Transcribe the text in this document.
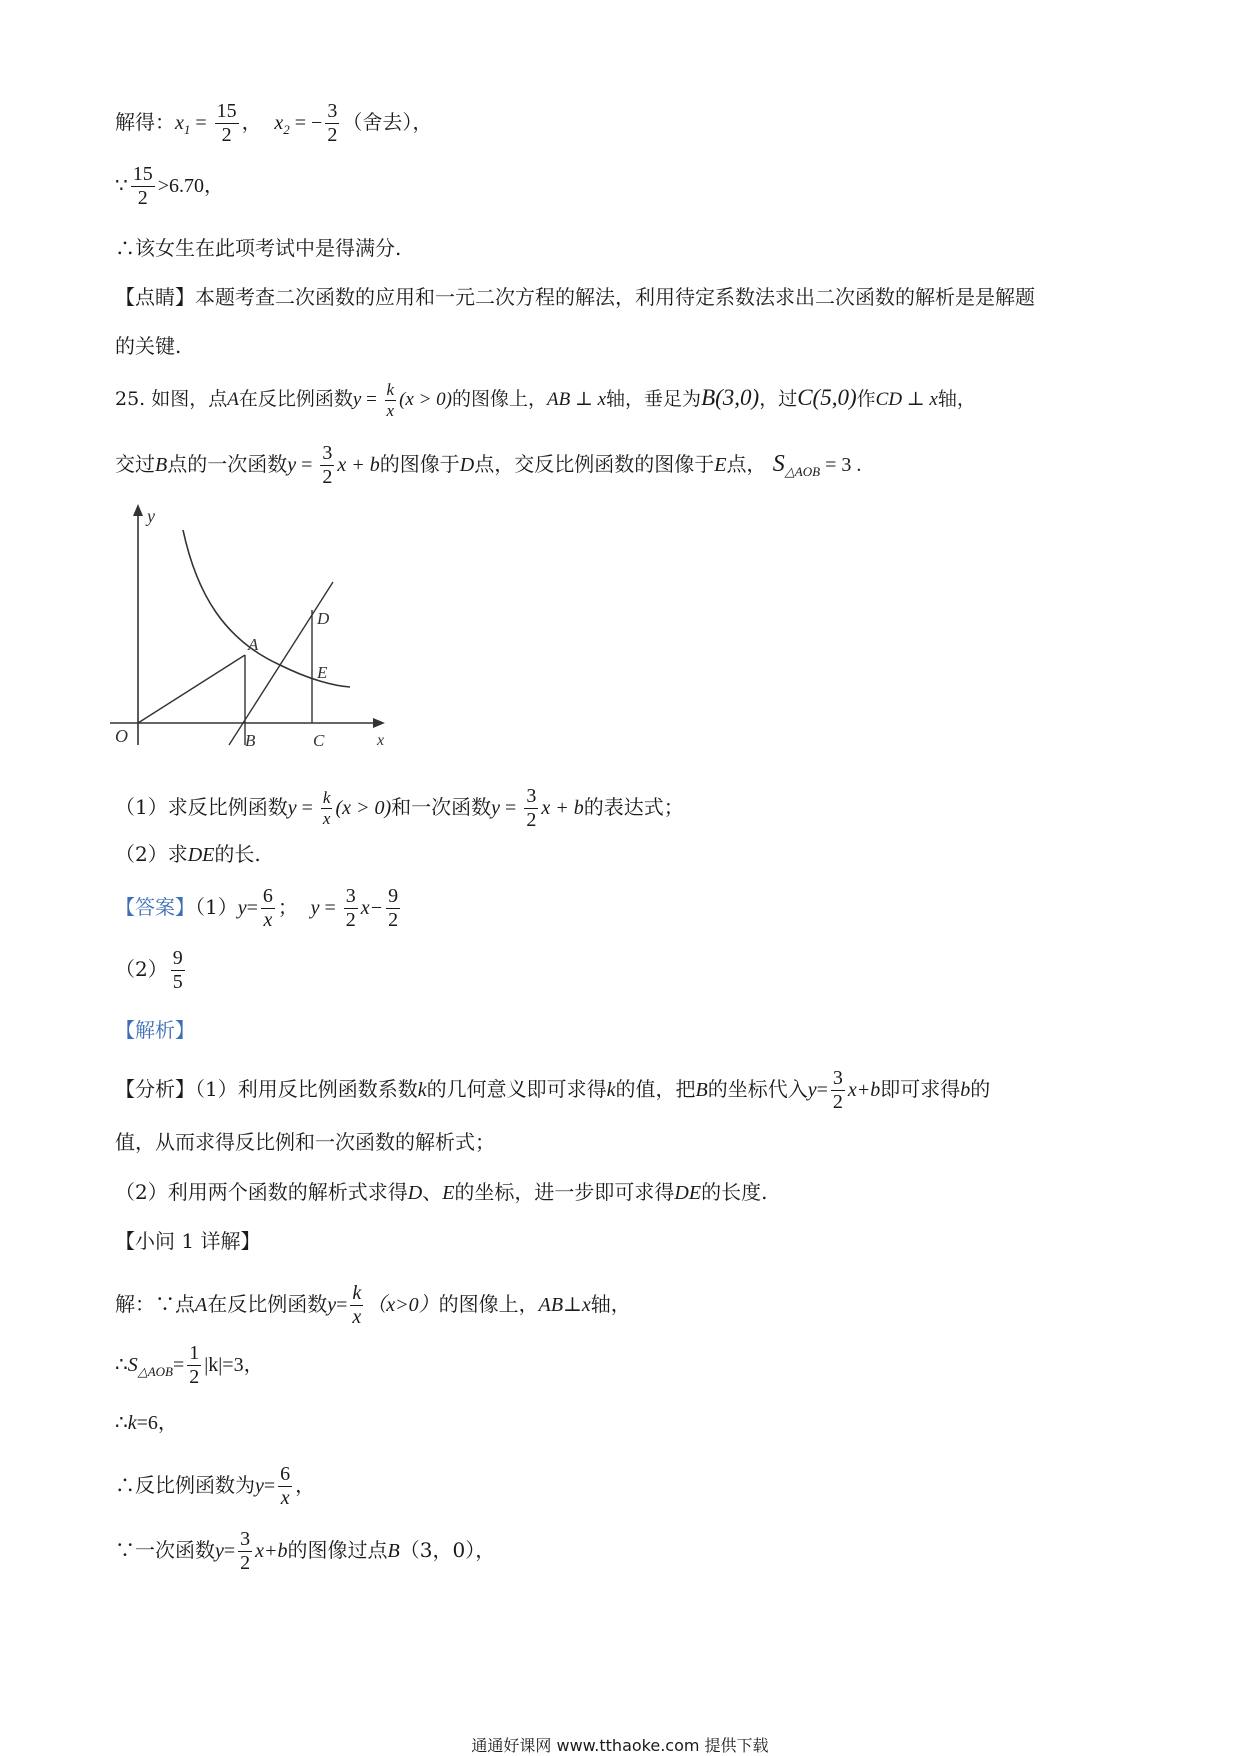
解得：$x_1 = \frac{15}{2}$ ， $x_2$ = − $\frac{3}{2}$ （舍去），
∵ $\frac{15}{2} >6.70$，
∴该女生在此项考试中是得满分.
【点睛】本题考查二次函数的应用和一元二次方程的解法，利用待定系数法求出二次函数的解析是是解题
的关键.
25. 如图，点A在反比例函数$y = \frac{k}{x} (x > 0)$的图像上，AB ⊥ x轴，垂足为B(3,0)，过C(5,0)作CD ⊥ x轴，
交过B点的一次函数$y = \frac{3}{2}$ x + b的图像于D点，交反比例函数的图像于E点， $S_{\triangle AOB} = 3$ .
y
x
O
A
B	C
D
E
（1）求反比例函数$y = \frac{k}{x} (x > 0)$和一次函数$y = \frac{3}{2}$ x + b的表达式；
（2）求DE的长.
【答案】$(1)y= \frac{6}{x}$ ； $y = \frac{3}{2} x- \frac{9}{2}$
$(2) \frac{9}{5}$
【解析】
【分析】（1）利用反比例函数系数k的几何意义即可求得k的值，把B的坐标代入$y= \frac{3}{2} x+b$即可求得b的
值，从而求得反比例和一次函数的解析式；
（2）利用两个函数的解析式求得D、E的坐标，进一步即可求得DE的长度.
【小问 1 详解】
解：∵点A在反比例函数$y= \frac{k}{x} (x>0)$的图像上，AB⊥x轴，
$\therefore S_{\triangle AOB}= \frac{1}{2} |k|=3$，
∴k=6，
∴反比例函数为$y= \frac{6}{x}$ ，
∵一次函数$y= \frac{3}{2} x+b$的图像过点B（3，0），
通通好课网 www.tthaoke.com 提供下载
